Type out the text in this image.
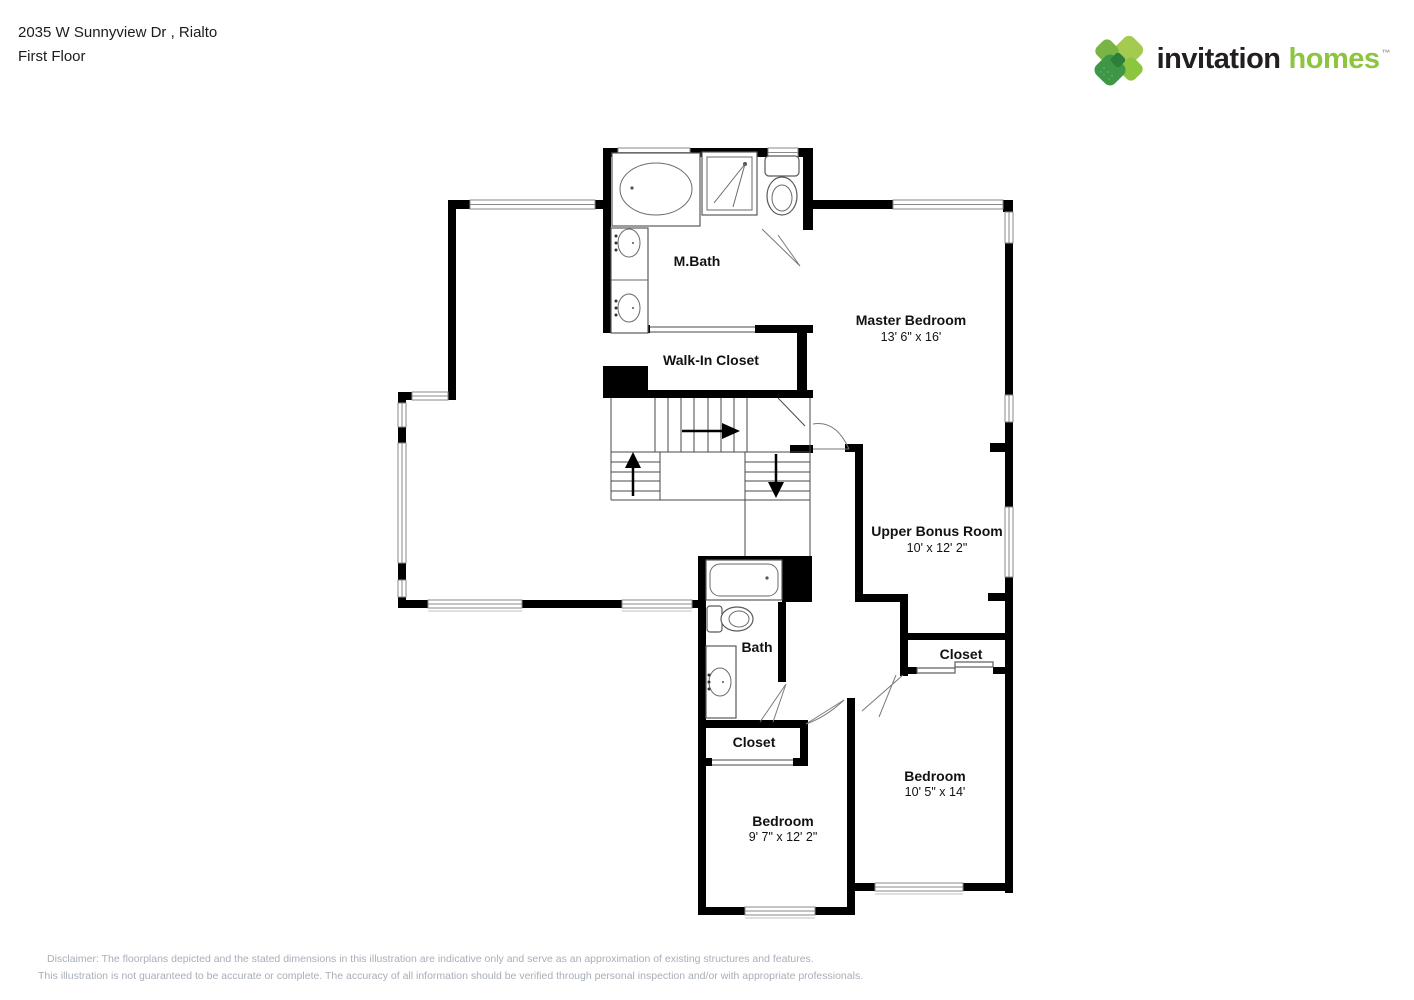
2035 W Sunnyview Dr , Rialto
First Floor	invitation homes ™
M.Bath
Walk-In Closet
Master Bedroom
13' 6" x 16'
Upper Bonus Room
10' x 12' 2"
Bath	Closet
Closet
Bedroom
9' 7" x 12' 2"
Bedroom
10' 5" x 14'
Disclaimer: The floorplans depicted and the stated dimensions in this illustration are indicative only and serve as an approximation of existing structures and features.
This illustration is not guaranteed to be accurate or complete. The accuracy of all information should be verified through personal inspection and/or with appropriate professionals.
